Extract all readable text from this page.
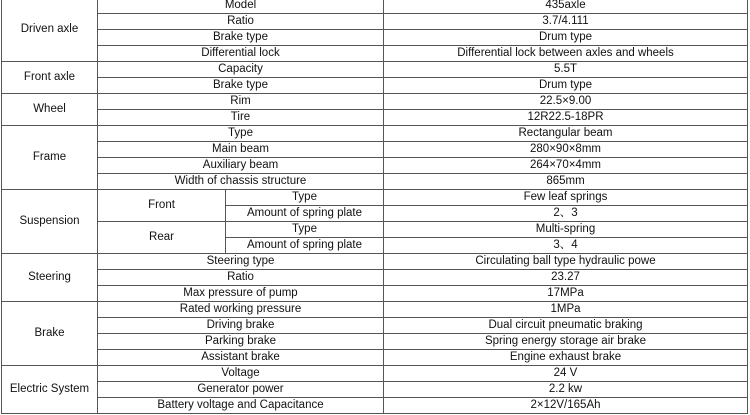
Driven axle	Model		435axle
	Ratio		3.7/4.111
	Brake type		Drum type
	Differential lock		Differential lock between axles and wheels
Front axle	Capacity		5.5T
	Brake type		Drum type
Wheel	Rim		22.5×9.00
	Tire		12R22.5-18PR
Frame	Type		Rectangular beam
	Main beam		280×90×8mm
	Auxiliary beam		264×70×4mm
	Width of chassis structure		865mm
Suspension	Front	Type	Few leaf springs
		Amount of spring plate	2、3
	Rear	Type	Multi-spring
		Amount of spring plate	3、4
Steering	Steering type		Circulating ball type hydraulic powe
	Ratio		23.27
	Max pressure of pump		17MPa
Brake	Rated working pressure		1MPa
	Driving brake		Dual circuit pneumatic braking
	Parking brake		Spring energy storage air brake
	Assistant brake		Engine exhaust brake
Electric System	Voltage		24 V
	Generator power		2.2 kw
	Battery voltage and Capacitance		2×12V/165Ah
